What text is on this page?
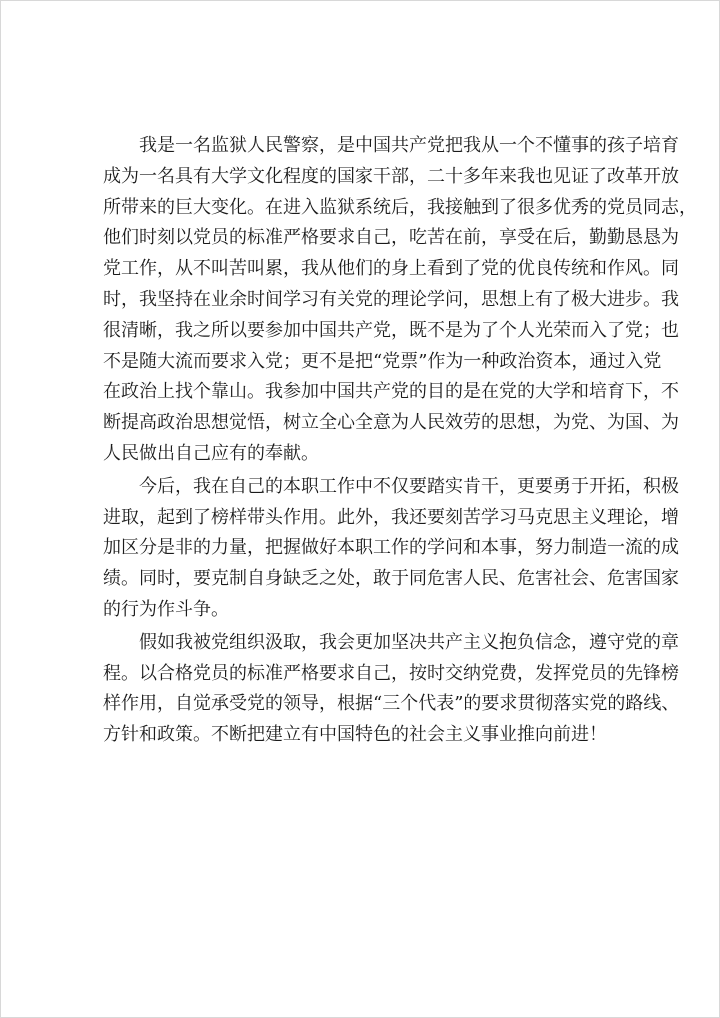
我是一名监狱人民警察，是中国共产党把我从一个不懂事的孩子培育
成为一名具有大学文化程度的国家干部，二十多年来我也见证了改革开放
所带来的巨大变化。在进入监狱系统后，我接触到了很多优秀的党员同志，
他们时刻以党员的标准严格要求自己，吃苦在前，享受在后，勤勤恳恳为
党工作，从不叫苦叫累，我从他们的身上看到了党的优良传统和作风。同
时，我坚持在业余时间学习有关党的理论学问，思想上有了极大进步。我
很清晰，我之所以要参加中国共产党，既不是为了个人光荣而入了党；也
不是随大流而要求入党；更不是把“党票”作为一种政治资本，通过入党
在政治上找个靠山。我参加中国共产党的目的是在党的大学和培育下，不
断提高政治思想觉悟，树立全心全意为人民效劳的思想，为党、为国、为
人民做出自己应有的奉献。
今后，我在自己的本职工作中不仅要踏实肯干，更要勇于开拓，积极
进取，起到了榜样带头作用。此外，我还要刻苦学习马克思主义理论，增
加区分是非的力量，把握做好本职工作的学问和本事，努力制造一流的成
绩。同时，要克制自身缺乏之处，敢于同危害人民、危害社会、危害国家
的行为作斗争。
假如我被党组织汲取，我会更加坚决共产主义抱负信念，遵守党的章
程。以合格党员的标准严格要求自己，按时交纳党费，发挥党员的先锋榜
样作用，自觉承受党的领导，根据“三个代表”的要求贯彻落实党的路线、
方针和政策。不断把建立有中国特色的社会主义事业推向前进！
